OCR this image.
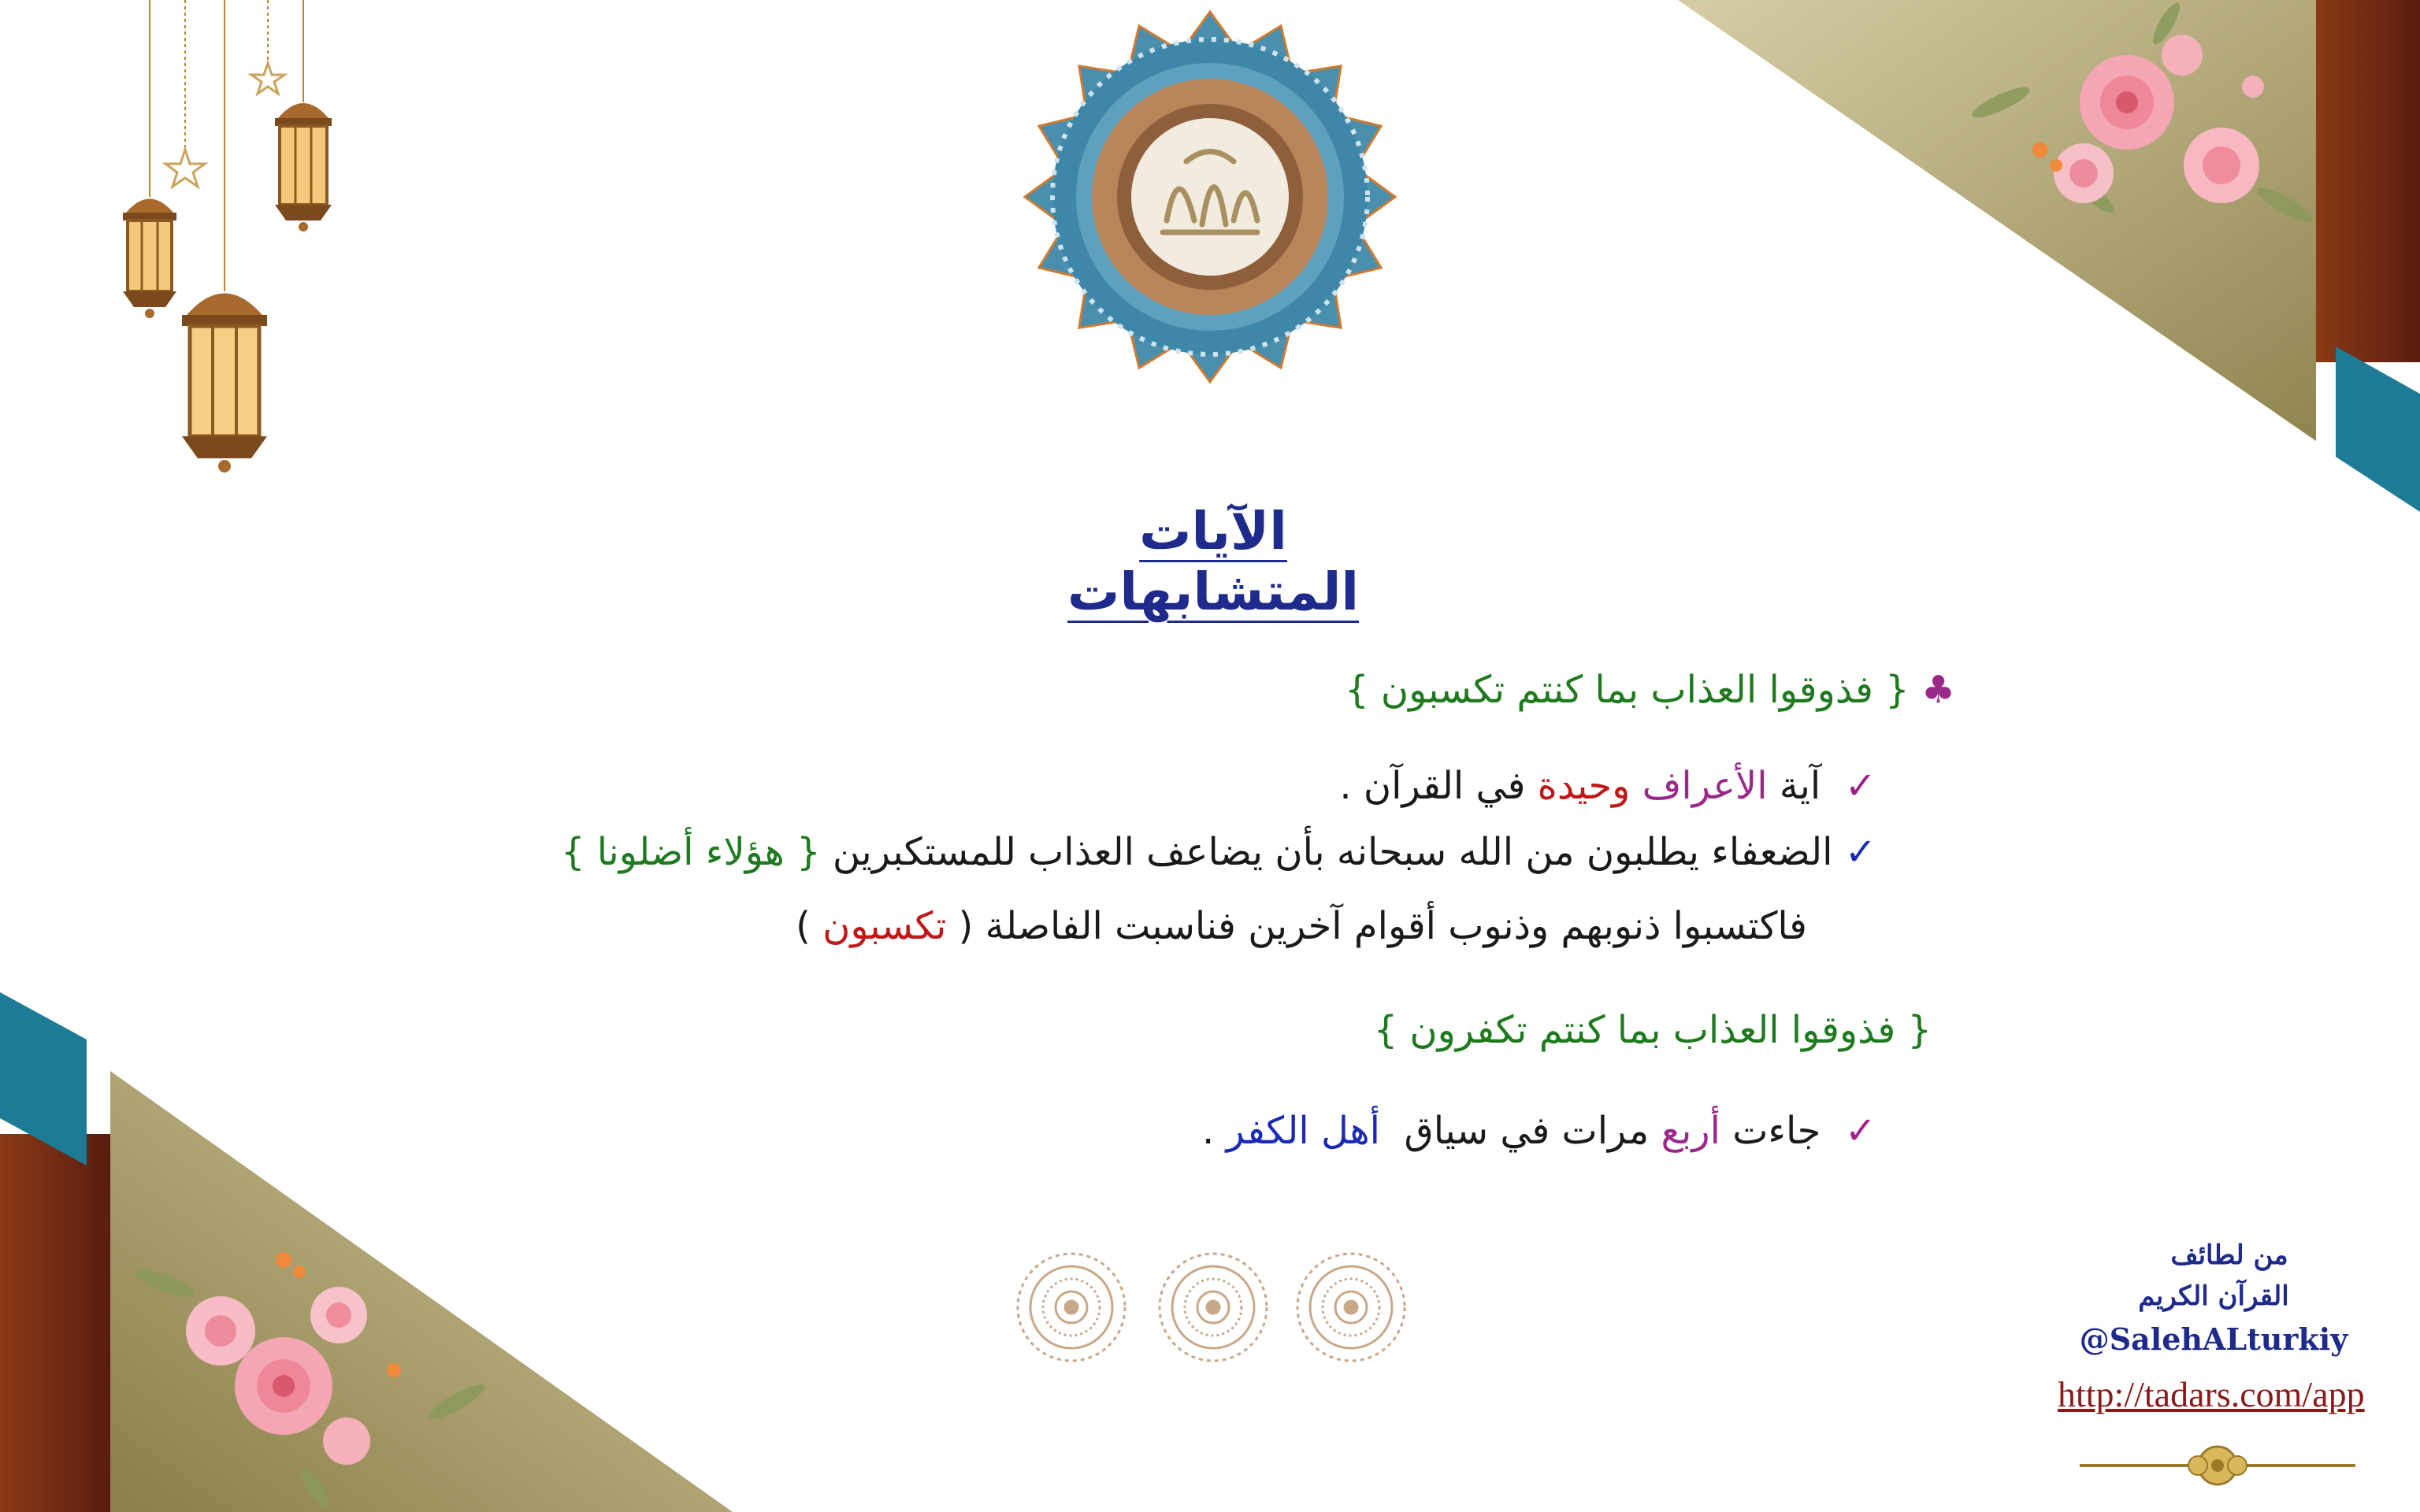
الآيات المتشابهات
♣ { فذوقوا العذاب بما كنتم تكسبون }
✓  آية الأعراف وحيدة في القرآن .
✓ الضعفاء يطلبون من الله سبحانه بأن يضاعف العذاب للمستكبرين { هؤلاء أضلونا }
فاكتسبوا ذنوبهم وذنوب أقوام آخرين فناسبت الفاصلة ( تكسبون )
{ فذوقوا العذاب بما كنتم تكفرون }
✓  جاءت أربع مرات في سياق  أهل الكفر .
من لطائف
القرآن الكريم
@SalehALturkiy
http://tadars.com/app
